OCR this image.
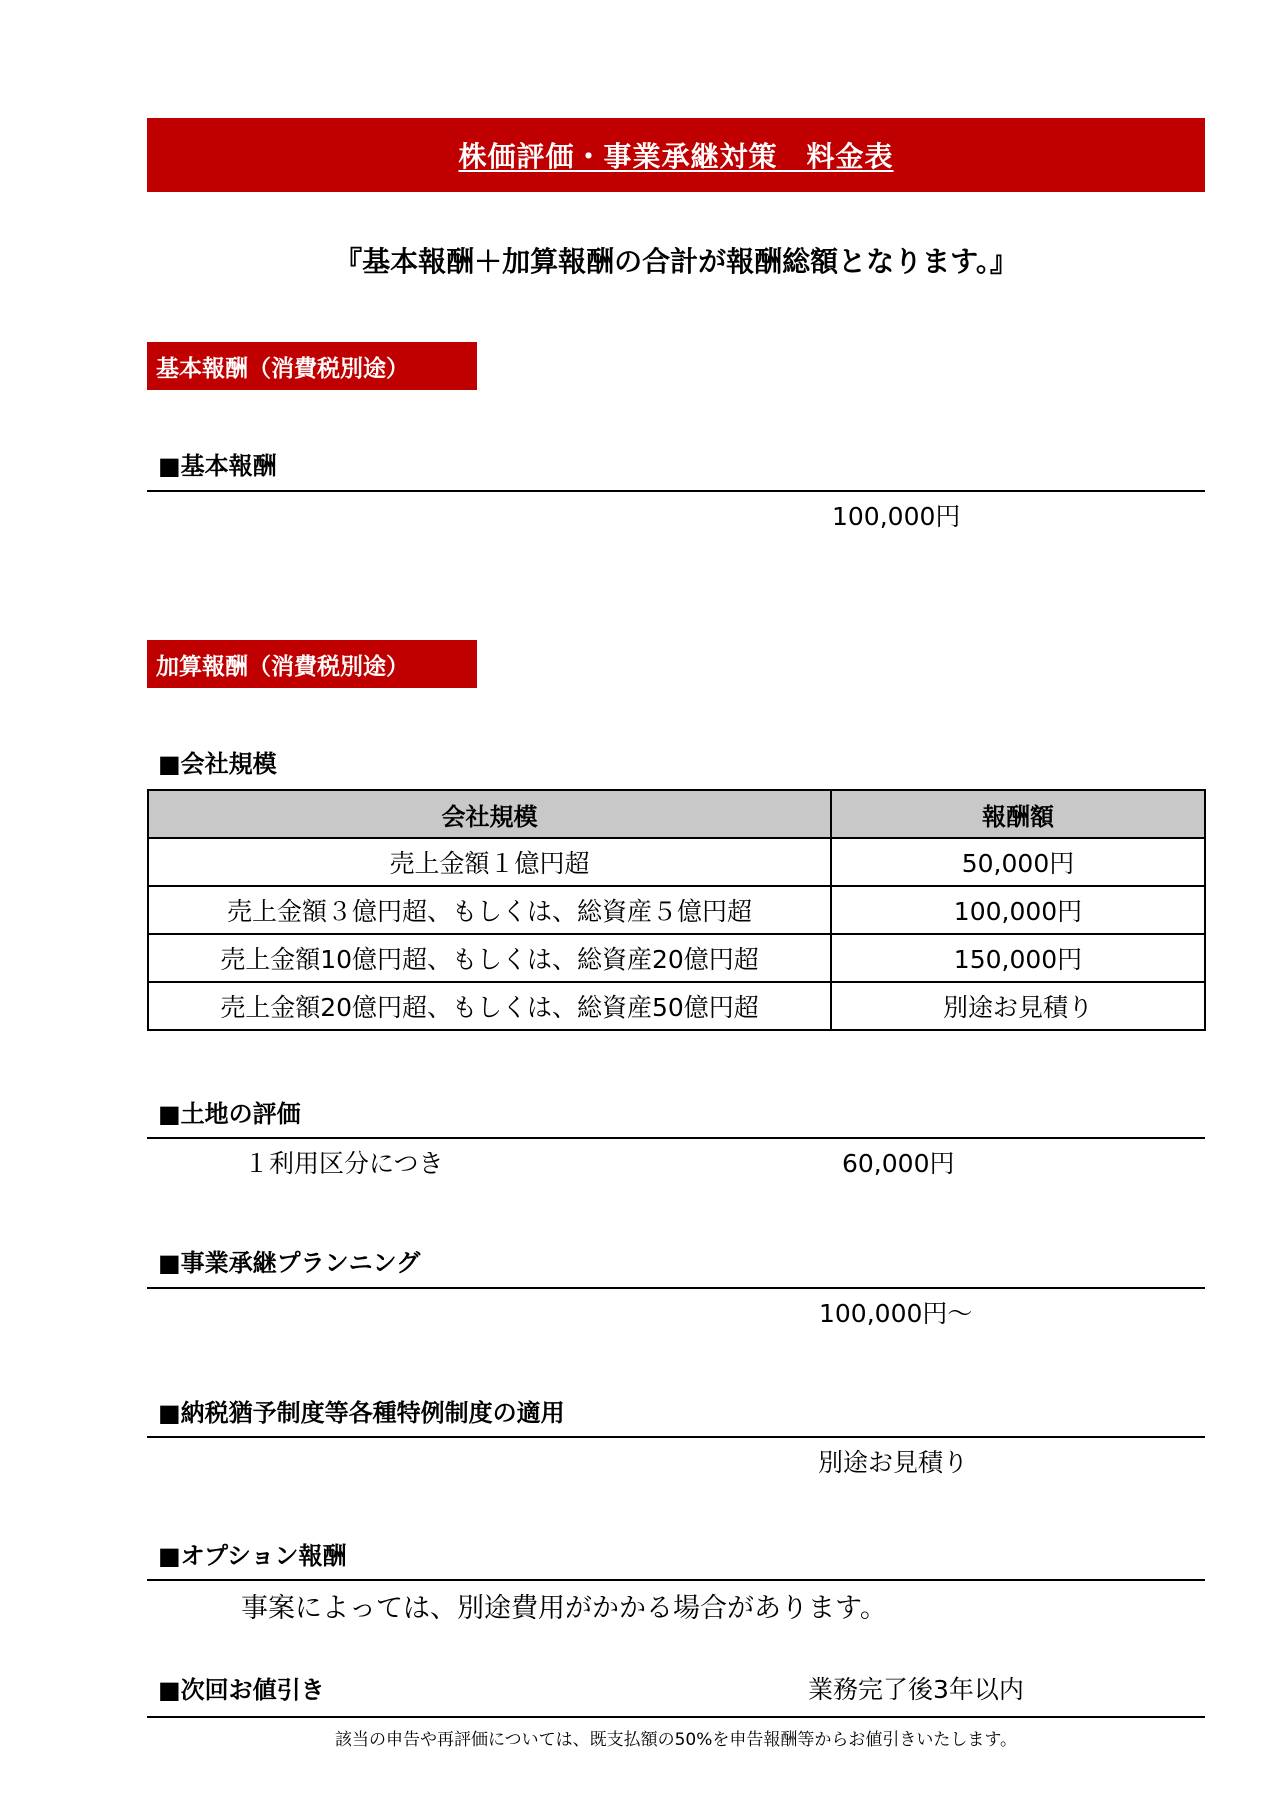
株価評価・事業承継対策　料金表
『基本報酬＋加算報酬の合計が報酬総額となります。』
基本報酬（消費税別途）
■基本報酬
100,000円
加算報酬（消費税別途）
■会社規模
会社規模	報酬額
売上金額１億円超	50,000円
売上金額３億円超、もしくは、総資産５億円超	100,000円
売上金額10億円超、もしくは、総資産20億円超	150,000円
売上金額20億円超、もしくは、総資産50億円超	別途お見積り
■土地の評価
１利用区分につき	60,000円
■事業承継プランニング
100,000円～
■納税猶予制度等各種特例制度の適用
別途お見積り
■オプション報酬
事案によっては、別途費用がかかる場合があります。
■次回お値引き	業務完了後3年以内
該当の申告や再評価については、既支払額の50%を申告報酬等からお値引きいたします。
